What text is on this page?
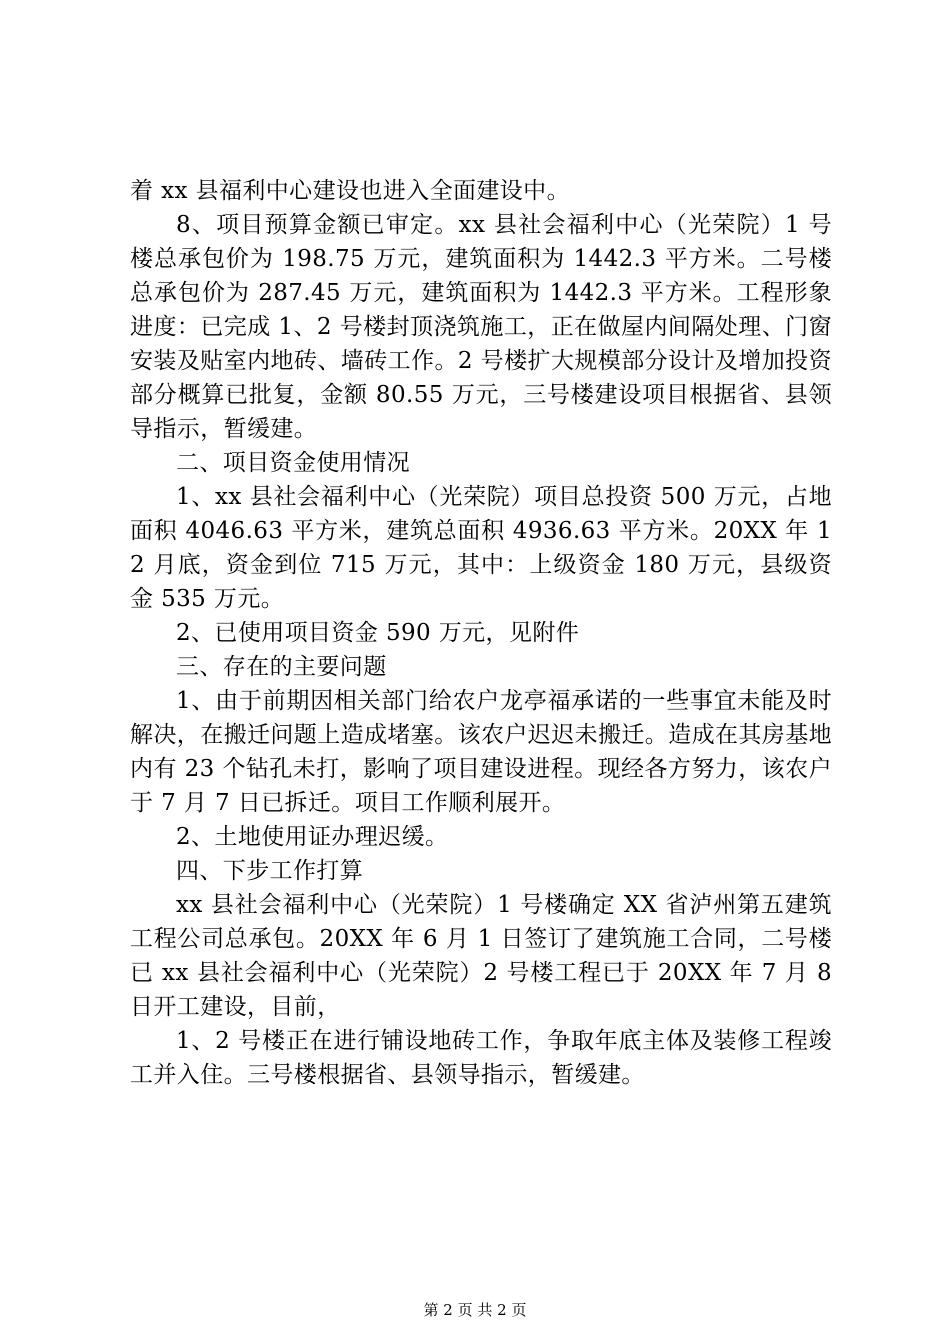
着 xx 县福利中心建设也进入全面建设中。

8、项目预算金额已审定。xx 县社会福利中心（光荣院）1 号楼总承包价为 198.75 万元，建筑面积为 1442.3 平方米。二号楼总承包价为 287.45 万元，建筑面积为 1442.3 平方米。工程形象进度：已完成 1、2 号楼封顶浇筑施工，正在做屋内间隔处理、门窗安装及贴室内地砖、墙砖工作。2 号楼扩大规模部分设计及增加投资部分概算已批复，金额 80.55 万元，三号楼建设项目根据省、县领导指示，暂缓建。

二、项目资金使用情况

1、xx 县社会福利中心（光荣院）项目总投资 500 万元，占地面积 4046.63 平方米，建筑总面积 4936.63 平方米。20XX 年 12 月底，资金到位 715 万元，其中：上级资金 180 万元，县级资金 535 万元。

2、已使用项目资金 590 万元，见附件

三、存在的主要问题

1、由于前期因相关部门给农户龙亭福承诺的一些事宜未能及时解决，在搬迁问题上造成堵塞。该农户迟迟未搬迁。造成在其房基地内有 23 个钻孔未打，影响了项目建设进程。现经各方努力，该农户于 7 月 7 日已拆迁。项目工作顺利展开。

2、土地使用证办理迟缓。

四、下步工作打算

xx 县社会福利中心（光荣院）1 号楼确定 XX 省泸州第五建筑工程公司总承包。20XX 年 6 月 1 日签订了建筑施工合同，二号楼已 xx 县社会福利中心（光荣院）2 号楼工程已于 20XX 年 7 月 8 日开工建设，目前，

1、2 号楼正在进行铺设地砖工作，争取年底主体及装修工程竣工并入住。三号楼根据省、县领导指示，暂缓建。

第 2 页 共 2 页
